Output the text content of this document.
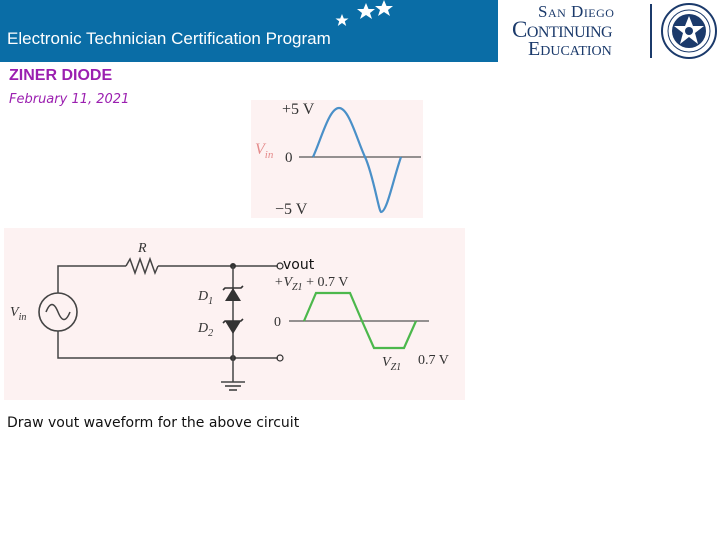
Electronic Technician Certification Program
San Diego
Continuing
Education
ZINER DIODE
February 11, 2021
+5 V
$V_{in}$ 0
−5 V
$V_{in}$
R
$D_1$
$D_2$
$+V_{Z1} + 0.7$ V
0
$V_{Z1}$ 0.7 V
vout
Draw vout waveform for the above circuit
